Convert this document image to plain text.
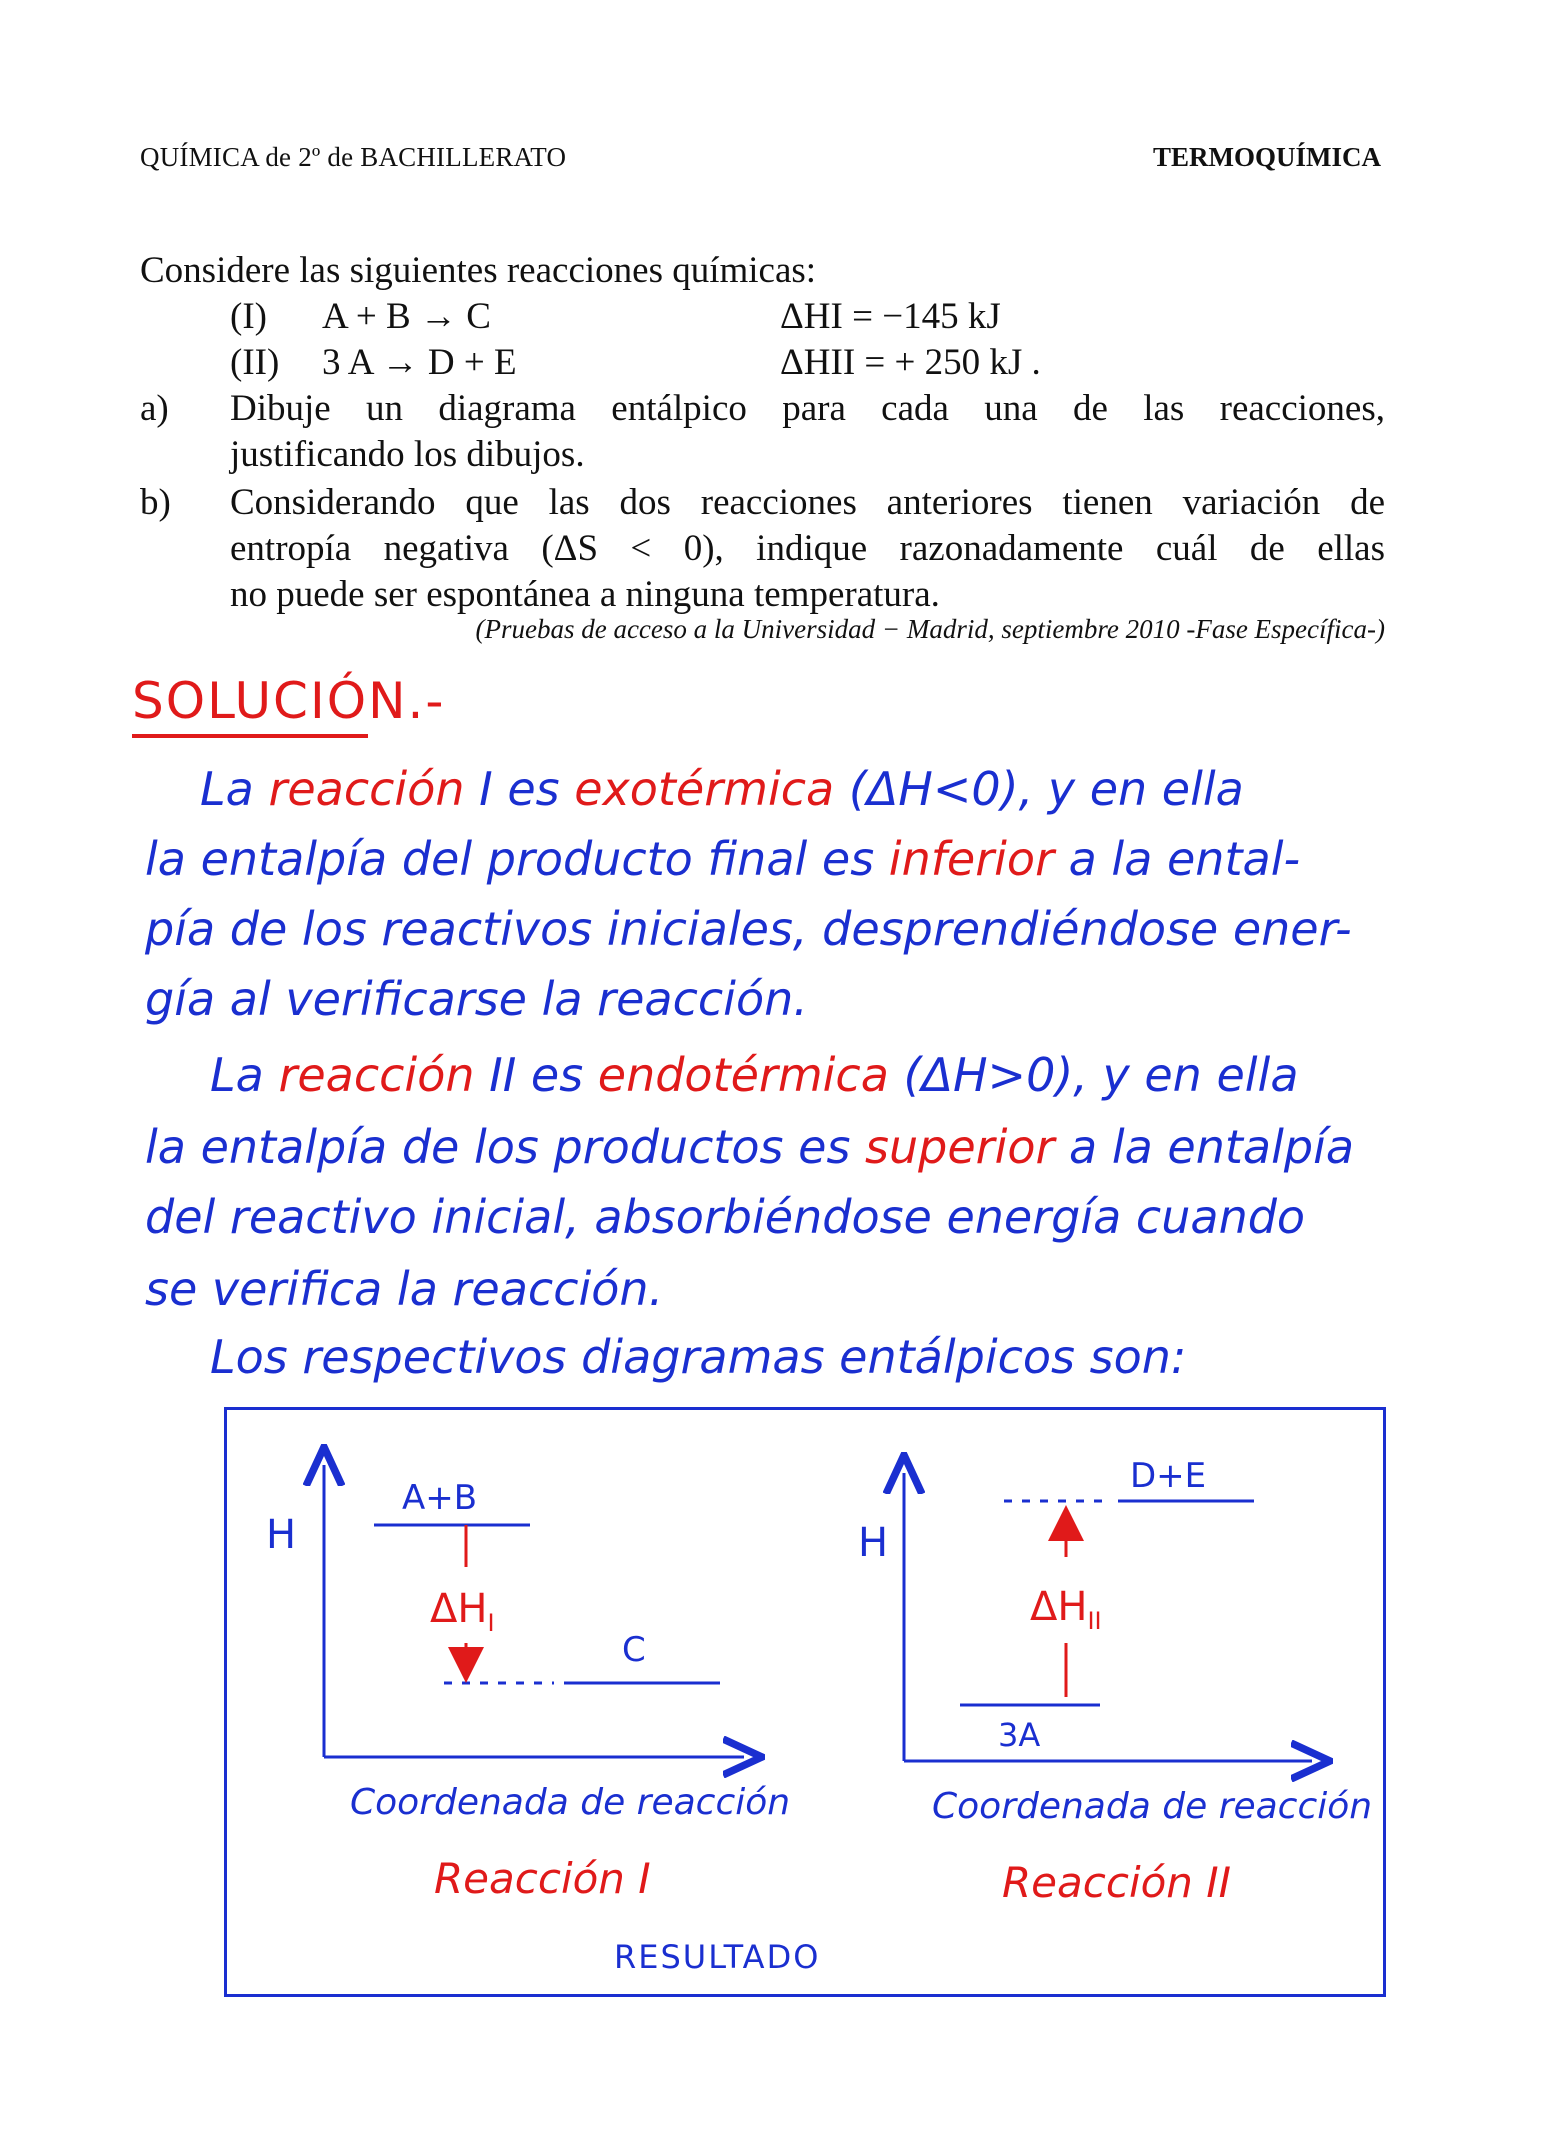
QUÍMICA de 2º de BACHILLERATO	TERMOQUÍMICA
Considere las siguientes reacciones químicas:
(I) A + B → C	ΔHI = −145 kJ
(II) 3 A → D + E	ΔHII = + 250 kJ .
a) Dibuje un diagrama entálpico para cada una de las reacciones,
justificando los dibujos.
b) Considerando que las dos reacciones anteriores tienen variación de
entropía negativa (ΔS < 0), indique razonadamente cuál de ellas
no puede ser espontánea a ninguna temperatura.
(Pruebas de acceso a la Universidad − Madrid, septiembre 2010 -Fase Específica-)
SOLUCIÓN.-
La reacción I es exotérmica (ΔH<0), y en ella
la entalpía del producto final es inferior a la ental-
pía de los reactivos iniciales, desprendiéndose ener-
gía al verificarse la reacción.
La reacción II es endotérmica (ΔH>0), y en ella
la entalpía de los productos es superior a la entalpía
del reactivo inicial, absorbiéndose energía cuando
se verifica la reacción.
Los respectivos diagramas entálpicos son:
H
A+B
$\Delta H_I$
C
Coordenada de reacción
Reacción I
H
D+E
$\Delta H_{II}$
3A
Coordenada de reacción
Reacción II
RESULTADO
